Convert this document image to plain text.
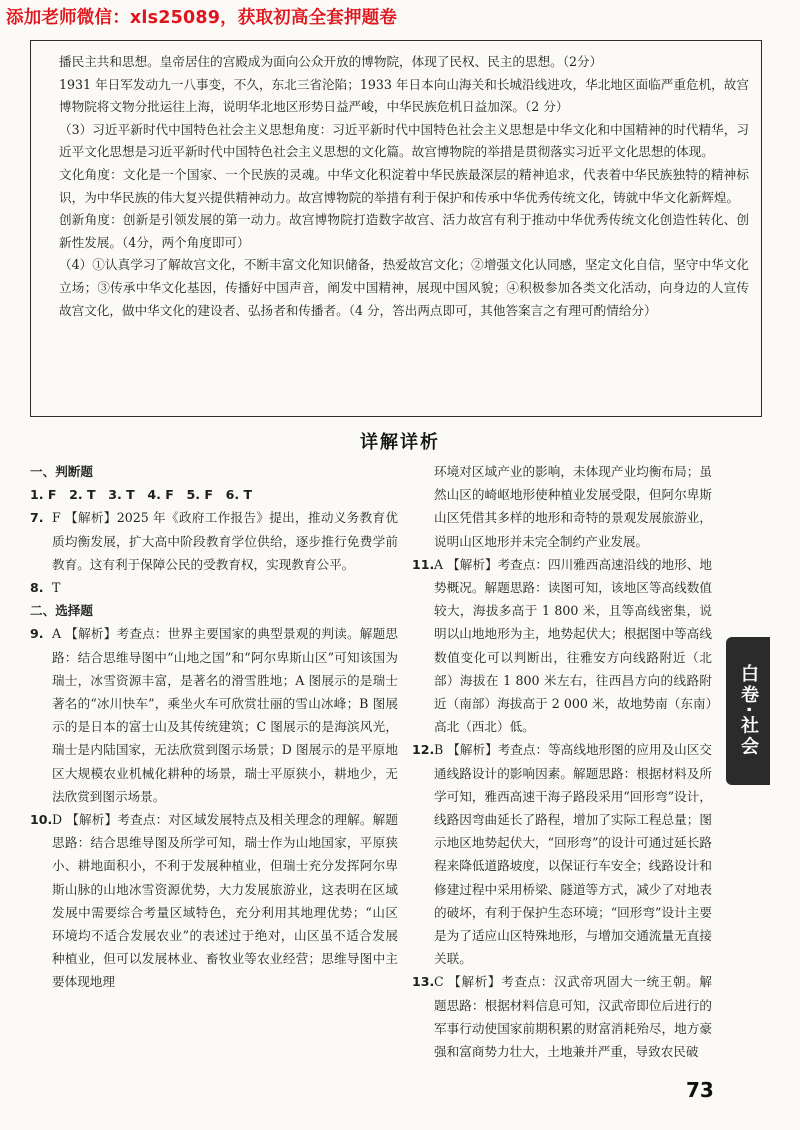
添加老师微信：xls25089，获取初高全套押题卷

播民主共和思想。皇帝居住的宫殿成为面向公众开放的博物院，体现了民权、民主的思想。（2分）

1931 年日军发动九一八事变，不久，东北三省沦陷；1933 年日本向山海关和长城沿线进攻，华北地区面临严重危机，故宫博物院将文物分批运往上海，说明华北地区形势日益严峻，中华民族危机日益加深。（2 分）

（3）习近平新时代中国特色社会主义思想角度：习近平新时代中国特色社会主义思想是中华文化和中国精神的时代精华，习近平文化思想是习近平新时代中国特色社会主义思想的文化篇。故宫博物院的举措是贯彻落实习近平文化思想的体现。

文化角度：文化是一个国家、一个民族的灵魂。中华文化积淀着中华民族最深层的精神追求，代表着中华民族独特的精神标识，为中华民族的伟大复兴提供精神动力。故宫博物院的举措有利于保护和传承中华优秀传统文化，铸就中华文化新辉煌。

创新角度：创新是引领发展的第一动力。故宫博物院打造数字故宫、活力故宫有利于推动中华优秀传统文化创造性转化、创新性发展。（4分，两个角度即可）

（4）①认真学习了解故宫文化，不断丰富文化知识储备，热爱故宫文化；②增强文化认同感，坚定文化自信，坚守中华文化立场；③传承中华文化基因，传播好中国声音，阐发中国精神，展现中国风貌；④积极参加各类文化活动，向身边的人宣传故宫文化，做中华文化的建设者、弘扬者和传播者。（4 分，答出两点即可，其他答案言之有理可酌情给分）

详解详析

一、判断题

1. F　2. T　3. T　4. F　5. F　6. T

7. F 【解析】2025 年《政府工作报告》提出，推动义务教育优质均衡发展，扩大高中阶段教育学位供给，逐步推行免费学前教育。这有利于保障公民的受教育权，实现教育公平。

8. T

二、选择题

9. A 【解析】考查点：世界主要国家的典型景观的判读。解题思路：结合思维导图中“山地之国”和“阿尔卑斯山区”可知该国为瑞士，冰雪资源丰富，是著名的滑雪胜地；A 图展示的是瑞士著名的“冰川快车”，乘坐火车可欣赏壮丽的雪山冰峰；B 图展示的是日本的富士山及其传统建筑；C 图展示的是海滨风光，瑞士是内陆国家，无法欣赏到图示场景；D 图展示的是平原地区大规模农业机械化耕种的场景，瑞士平原狭小，耕地少，无法欣赏到图示场景。

10. D 【解析】考查点：对区域发展特点及相关理念的理解。解题思路：结合思维导图及所学可知，瑞士作为山地国家，平原狭小、耕地面积小，不利于发展种植业，但瑞士充分发挥阿尔卑斯山脉的山地冰雪资源优势，大力发展旅游业，这表明在区域发展中需要综合考量区域特色，充分利用其地理优势；“山区环境均不适合发展农业”的表述过于绝对，山区虽不适合发展种植业，但可以发展林业、畜牧业等农业经营；思维导图中主要体现地理

环境对区域产业的影响，未体现产业均衡布局；虽然山区的崎岖地形使种植业发展受限，但阿尔卑斯山区凭借其多样的地形和奇特的景观发展旅游业，说明山区地形并未完全制约产业发展。

11. A 【解析】考查点：四川雅西高速沿线的地形、地势概况。解题思路：读图可知，该地区等高线数值较大，海拔多高于 1 800 米，且等高线密集，说明以山地地形为主，地势起伏大；根据图中等高线数值变化可以判断出，往雅安方向线路附近（北部）海拔在 1 800 米左右，往西昌方向的线路附近（南部）海拔高于 2 000 米，故地势南（东南）高北（西北）低。

12. B 【解析】考查点：等高线地形图的应用及山区交通线路设计的影响因素。解题思路：根据材料及所学可知，雅西高速干海子路段采用“回形弯”设计，线路因弯曲延长了路程，增加了实际工程总量；图示地区地势起伏大，“回形弯”的设计可通过延长路程来降低道路坡度，以保证行车安全；线路设计和修建过程中采用桥梁、隧道等方式，减少了对地表的破坏，有利于保护生态环境；“回形弯”设计主要是为了适应山区特殊地形，与增加交通流量无直接关联。

13. C 【解析】考查点：汉武帝巩固大一统王朝。解题思路：根据材料信息可知，汉武帝即位后进行的军事行动使国家前期积累的财富消耗殆尽，地方豪强和富商势力壮大，土地兼并严重，导致农民破

白卷·社会
73
